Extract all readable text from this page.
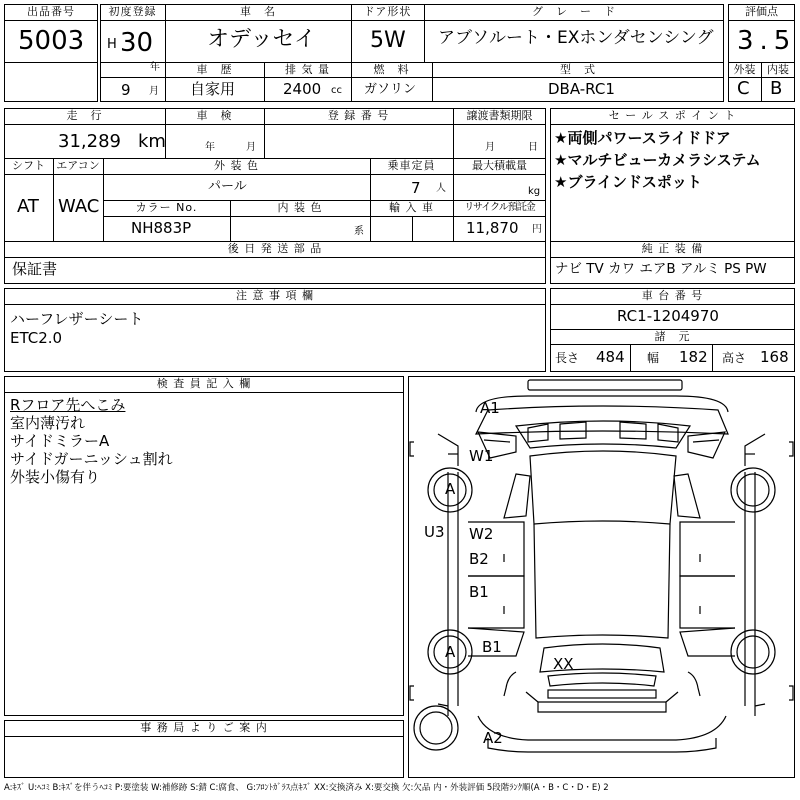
出品番号
5003
初度登録
H 30
年
9 月
車　名
オデッセイ
ドア形状
5W
グ　レ　ー　ド
アブソルート・EXホンダセンシング
車　歴
自家用
排 気 量
2400 cc
燃　料
ガソリン
型　式
DBA-RC1
評価点
3.5
外装	内装
C B
走　行
31,289 km
車　検
年	月
登 録 番 号	譲渡書類期限
月	日
シフト
AT
エアコン
WAC
外 装 色
パール
乗車定員
7 人
最大積載量
kg
カラー No.
NH883P
内 装 色
系
輸 入 車	リサイクル預託金
11,870 円
後 日 発 送 部 品
保証書
セ ー ル ス ポ イ ン ト
★両側パワースライドドア
★マルチビューカメラシステム
★ブラインドスポット
純 正 装 備
ナビ TV カワ エアB アルミ PS PW
注 意 事 項 欄
ハーフレザーシート
ETC2.0
車 台 番 号
RC1-1204970
諸　元
長さ 484 幅 182 高さ 168
検 査 員 記 入 欄
Rフロア先へこみ
室内薄汚れ
サイドミラーA
サイドガーニッシュ割れ
外装小傷有り
事 務 局 よ り ご 案 内
A1
W1
A
U3 W2
B2
B1
B1
A
XX
A2
A:ｷｽﾞ U:ﾍｺﾐ B:ｷｽﾞを伴うﾍｺﾐ P:要塗装 W:補修跡 S:錆 C:腐食、 G:ﾌﾛﾝﾄｶﾞﾗｽ点ｷｽﾞ XX:交換済み X:要交換 欠:欠品 内・外装評価 5段階ﾗﾝｸ順(A・B・C・D・E) 2
